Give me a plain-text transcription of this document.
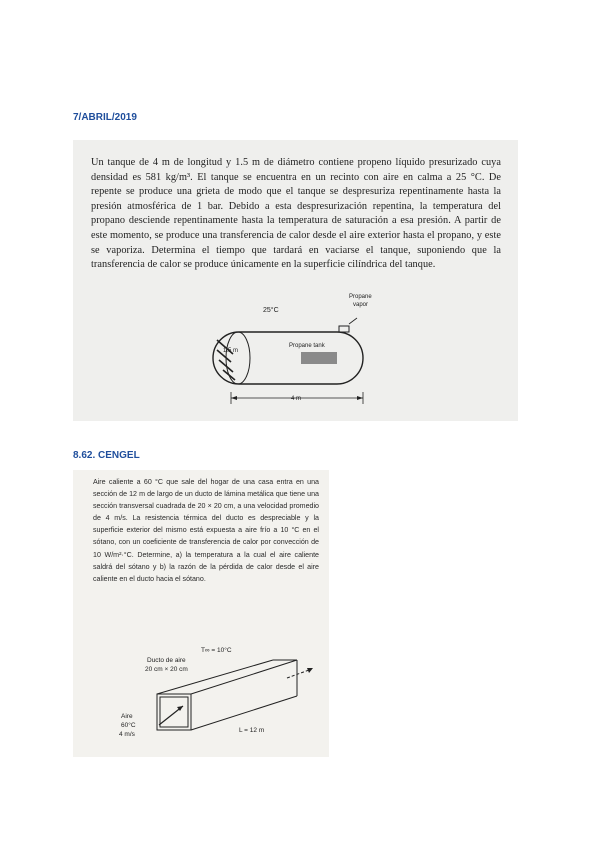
7/ABRIL/2019
Un tanque de 4 m de longitud y 1.5 m de diámetro contiene propeno líquido presurizado cuya densidad es 581 kg/m³. El tanque se encuentra en un recinto con aire en calma a 25 °C. De repente se produce una grieta de modo que el tanque se despresuriza repentinamente hasta la presión atmosférica de 1 bar. Debido a esta despresurización repentina, la temperatura del propano desciende repentinamente hasta la temperatura de saturación a esa presión. A partir de este momento, se produce una transferencia de calor desde el aire exterior hasta el propano, y este se vaporiza. Determina el tiempo que tardará en vaciarse el tanque, suponiendo que la transferencia de calor se produce únicamente en la superficie cilíndrica del tanque.
25°C
Propane
vapor
1.5 m
Propane tank
4 m
8.62. CENGEL
Aire caliente a 60 °C que sale del hogar de una casa entra en una sección de 12 m de largo de un ducto de lámina metálica que tiene una sección transversal cuadrada de 20 × 20 cm, a una velocidad promedio de 4 m/s. La resistencia térmica del ducto es despreciable y la superficie exterior del mismo está expuesta a aire frío a 10 °C en el sótano, con un coeficiente de transferencia de calor por convección de 10 W/m²·°C. Determine, a) la temperatura a la cual el aire caliente saldrá del sótano y b) la razón de la pérdida de calor desde el aire caliente en el ducto hacia el sótano.
T∞ = 10°C
Ducto de aire
20 cm × 20 cm
Aire
60°C
4 m/s
L = 12 m
